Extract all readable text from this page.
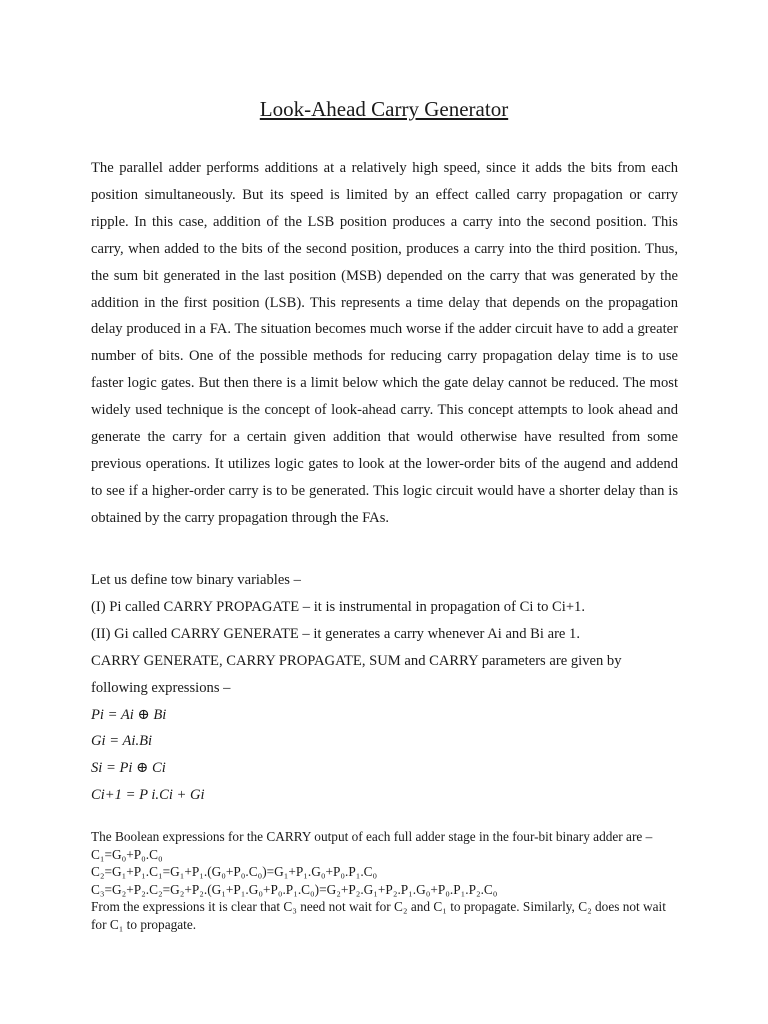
Look-Ahead Carry Generator

The parallel adder performs additions at a relatively high speed, since it adds the bits from each position simultaneously. But its speed is limited by an effect called carry propagation or carry ripple. In this case, addition of the LSB position produces a carry into the second position. This carry, when added to the bits of the second position, produces a carry into the third position. Thus, the sum bit generated in the last position (MSB) depended on the carry that was generated by the addition in the first position (LSB). This represents a time delay that depends on the propagation delay produced in a FA. The situation becomes much worse if the adder circuit have to add a greater number of bits. One of the possible methods for reducing carry propagation delay time is to use faster logic gates. But then there is a limit below which the gate delay cannot be reduced. The most widely used technique is the concept of look-ahead carry. This concept attempts to look ahead and generate the carry for a certain given addition that would otherwise have resulted from some previous operations. It utilizes logic gates to look at the lower-order bits of the augend and addend to see if a higher-order carry is to be generated. This logic circuit would have a shorter delay than is obtained by the carry propagation through the FAs.

Let us define tow binary variables –

(I) Pi called CARRY PROPAGATE – it is instrumental in propagation of Ci to Ci+1.

(II) Gi called CARRY GENERATE – it generates a carry whenever Ai and Bi are 1.

CARRY GENERATE, CARRY PROPAGATE, SUM and CARRY parameters are given by following expressions –

Pi = Ai ⊕ Bi

Gi = Ai.Bi

Si = Pi ⊕ Ci

Ci+1 = P i.Ci + Gi

The Boolean expressions for the CARRY output of each full adder stage in the four-bit binary adder are –

C₁=G₀+P₀.C₀

C₂=G₁+P₁.C₁=G₁+P₁.(G₀+P₀.C₀)=G₁+P₁.G₀+P₀.P₁.C₀

C₃=G₂+P₂.C₂=G₂+P₂.(G₁+P₁.G₀+P₀.P₁.C₀)=G₂+P₂.G₁+P₂.P₁.G₀+P₀.P₁.P₂.C₀

From the expressions it is clear that C₃ need not wait for C₂ and C₁ to propagate. Similarly, C₂ does not wait for C₁ to propagate.
